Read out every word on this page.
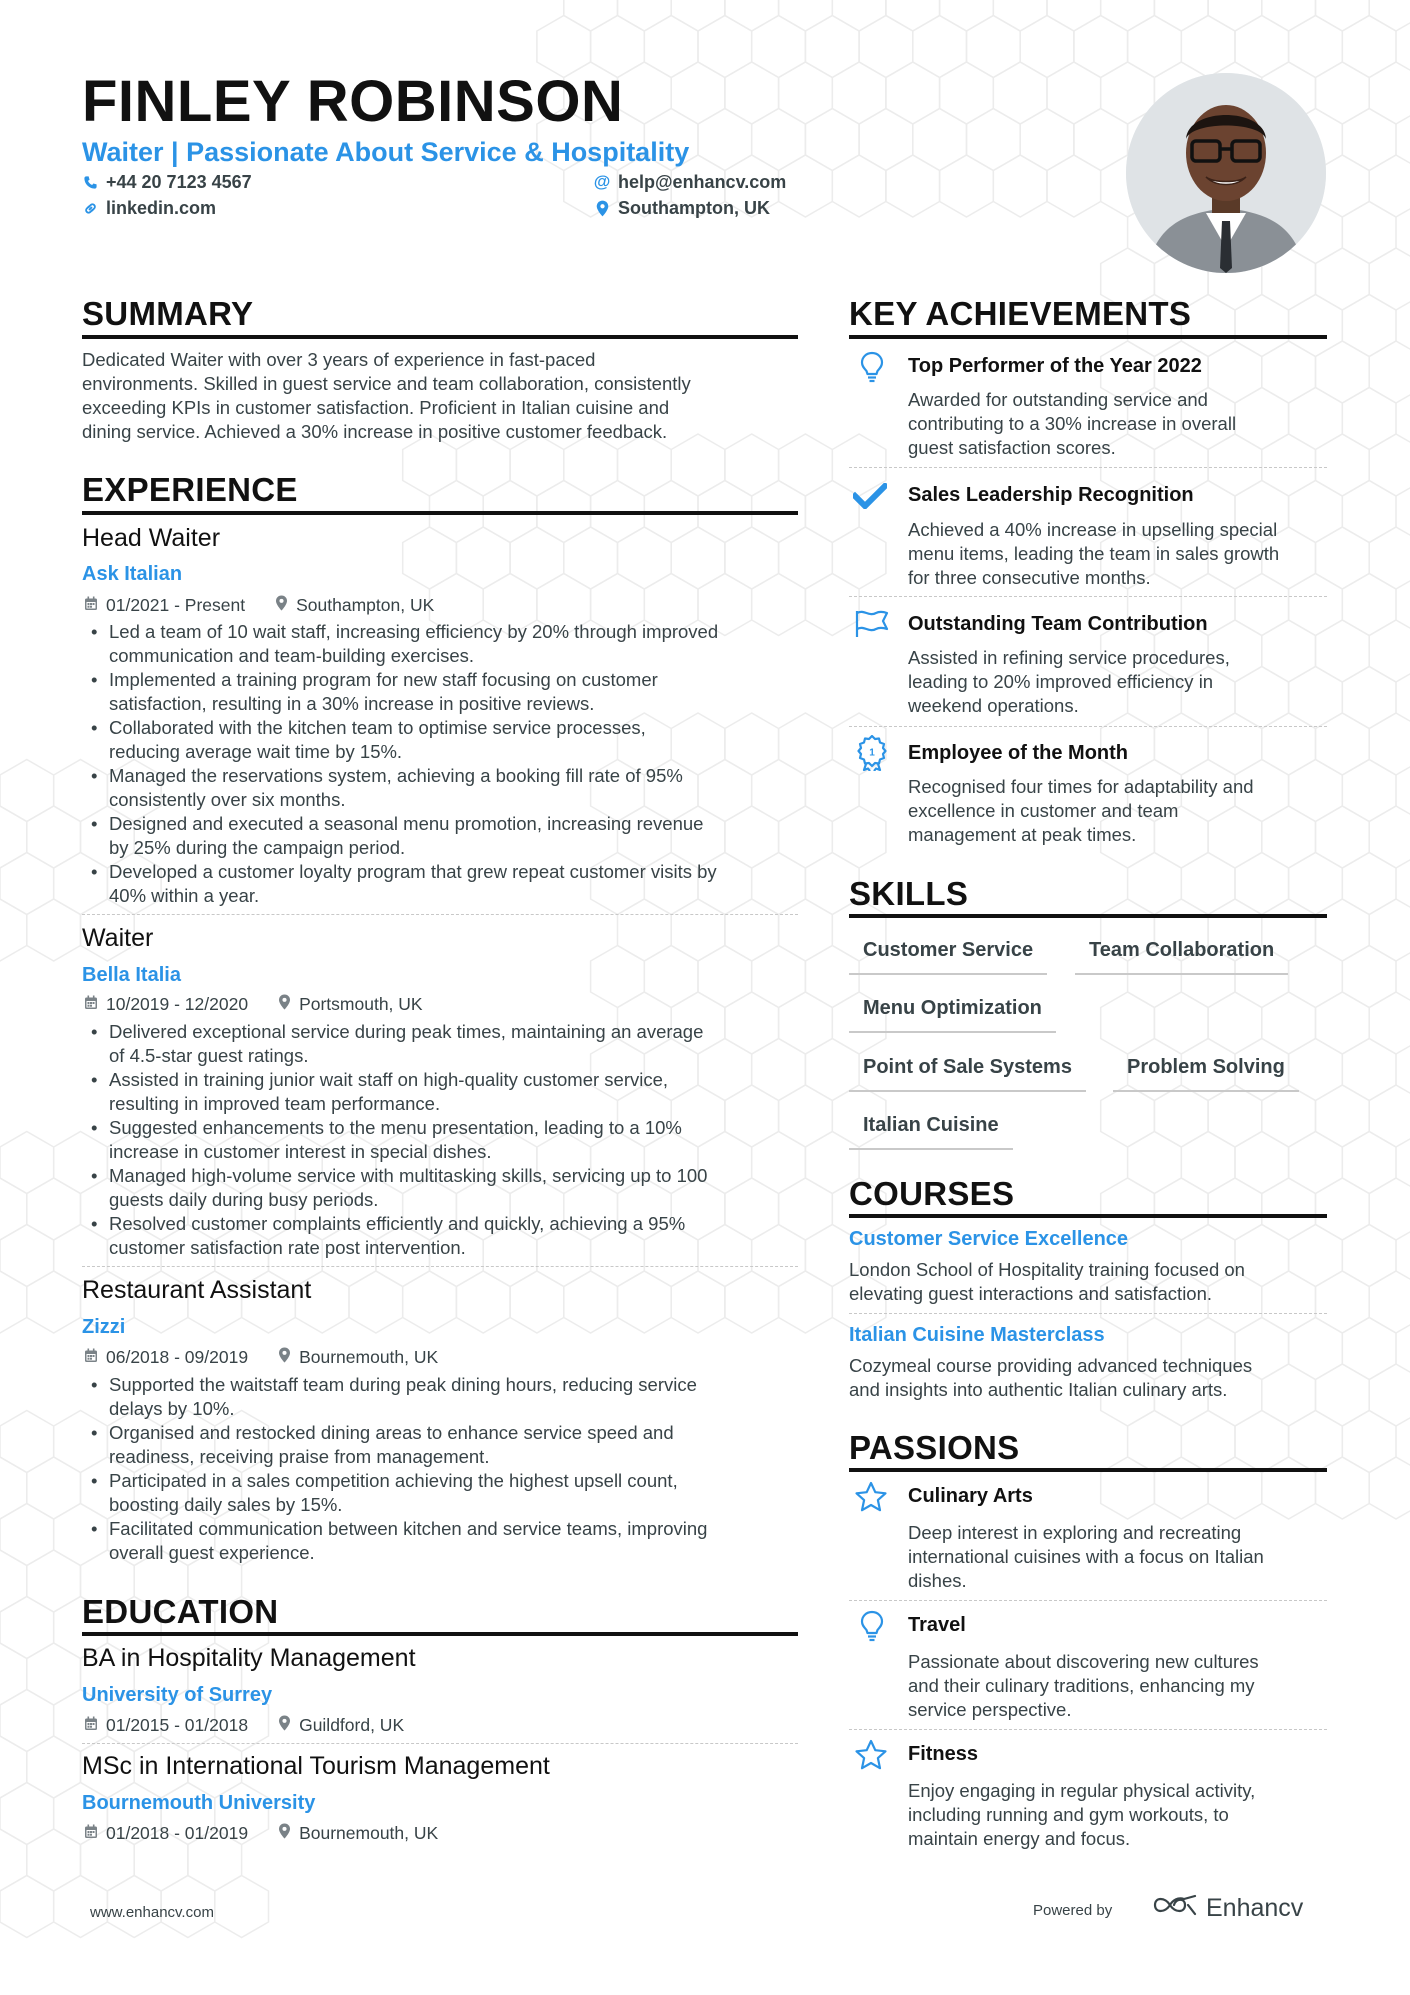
FINLEY ROBINSON
Waiter | Passionate About Service & Hospitality
+44 20 7123 4567
linkedin.com
@ help@enhancv.com
Southampton, UK
SUMMARY
Dedicated Waiter with over 3 years of experience in fast-paced
environments. Skilled in guest service and team collaboration, consistently
exceeding KPIs in customer satisfaction. Proficient in Italian cuisine and
dining service. Achieved a 30% increase in positive customer feedback.
EXPERIENCE
Head Waiter
Ask Italian
01/2021 - Present	Southampton, UK
• Led a team of 10 wait staff, increasing efficiency by 20% through improved
communication and team-building exercises.
• Implemented a training program for new staff focusing on customer
satisfaction, resulting in a 30% increase in positive reviews.
• Collaborated with the kitchen team to optimise service processes,
reducing average wait time by 15%.
• Managed the reservations system, achieving a booking fill rate of 95%
consistently over six months.
• Designed and executed a seasonal menu promotion, increasing revenue
by 25% during the campaign period.
• Developed a customer loyalty program that grew repeat customer visits by
40% within a year.
Waiter
Bella Italia
10/2019 - 12/2020	Portsmouth, UK
• Delivered exceptional service during peak times, maintaining an average
of 4.5-star guest ratings.
• Assisted in training junior wait staff on high-quality customer service,
resulting in improved team performance.
• Suggested enhancements to the menu presentation, leading to a 10%
increase in customer interest in special dishes.
• Managed high-volume service with multitasking skills, servicing up to 100
guests daily during busy periods.
• Resolved customer complaints efficiently and quickly, achieving a 95%
customer satisfaction rate post intervention.
Restaurant Assistant
Zizzi
06/2018 - 09/2019	Bournemouth, UK
• Supported the waitstaff team during peak dining hours, reducing service
delays by 10%.
• Organised and restocked dining areas to enhance service speed and
readiness, receiving praise from management.
• Participated in a sales competition achieving the highest upsell count,
boosting daily sales by 15%.
• Facilitated communication between kitchen and service teams, improving
overall guest experience.
EDUCATION
BA in Hospitality Management
University of Surrey
01/2015 - 01/2018	Guildford, UK
MSc in International Tourism Management
Bournemouth University
01/2018 - 01/2019	Bournemouth, UK
KEY ACHIEVEMENTS
Top Performer of the Year 2022
Awarded for outstanding service and
contributing to a 30% increase in overall
guest satisfaction scores.
Sales Leadership Recognition
Achieved a 40% increase in upselling special
menu items, leading the team in sales growth
for three consecutive months.
Outstanding Team Contribution
Assisted in refining service procedures,
leading to 20% improved efficiency in
weekend operations.
1 Employee of the Month
Recognised four times for adaptability and
excellence in customer and team
management at peak times.
SKILLS
Customer Service	Team Collaboration
Menu Optimization
Point of Sale Systems	Problem Solving
Italian Cuisine
COURSES
Customer Service Excellence
London School of Hospitality training focused on
elevating guest interactions and satisfaction.
Italian Cuisine Masterclass
Cozymeal course providing advanced techniques
and insights into authentic Italian culinary arts.
PASSIONS
Culinary Arts
Deep interest in exploring and recreating
international cuisines with a focus on Italian
dishes.
Travel
Passionate about discovering new cultures
and their culinary traditions, enhancing my
service perspective.
Fitness
Enjoy engaging in regular physical activity,
including running and gym workouts, to
maintain energy and focus.
www.enhancv.com	Powered by	Enhancv
